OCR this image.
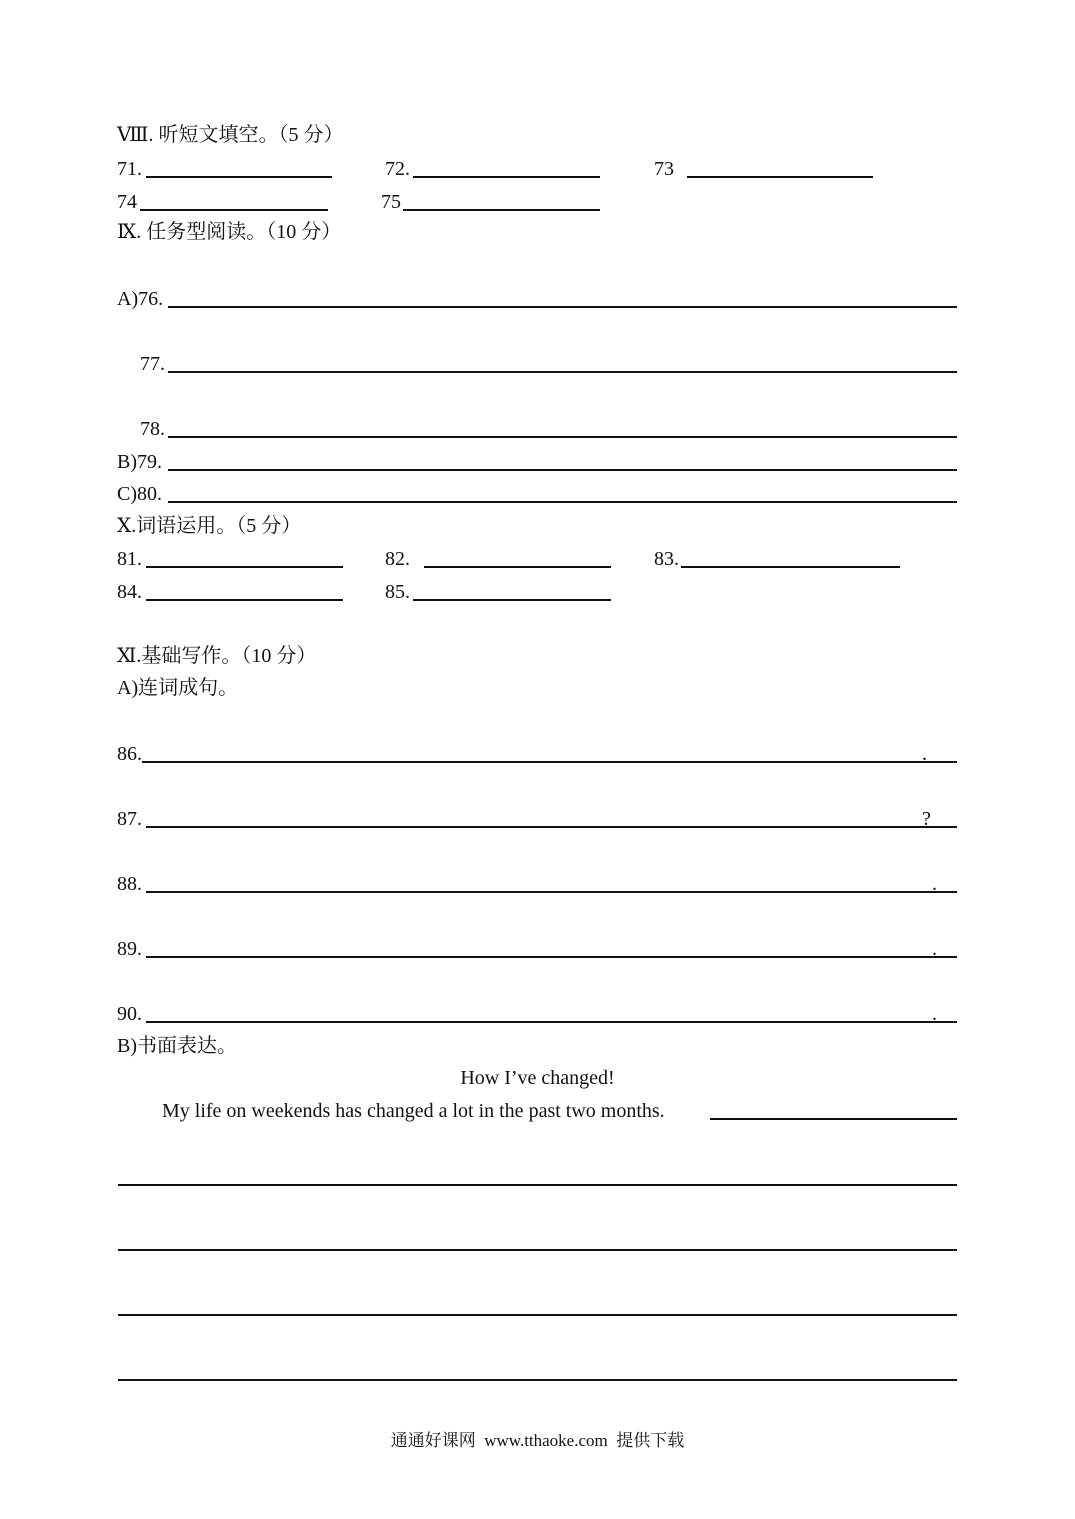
Ⅷ. 听短文填空。（5 分）
71.	72.	73
74	75
Ⅸ. 任务型阅读。（10 分）
A)76.
77.
78.
B)79.
C)80.
Ⅹ.词语运用。（5 分）
81.	82.	83.
84.	85.
Ⅺ.基础写作。（10 分）
A)连词成句。
86.	.
87.	?
88.	.
89.	.
90.	.
B)书面表达。
How I’ve changed!
My life on weekends has changed a lot in the past two months.
通通好课网  www.tthaoke.com  提供下载
